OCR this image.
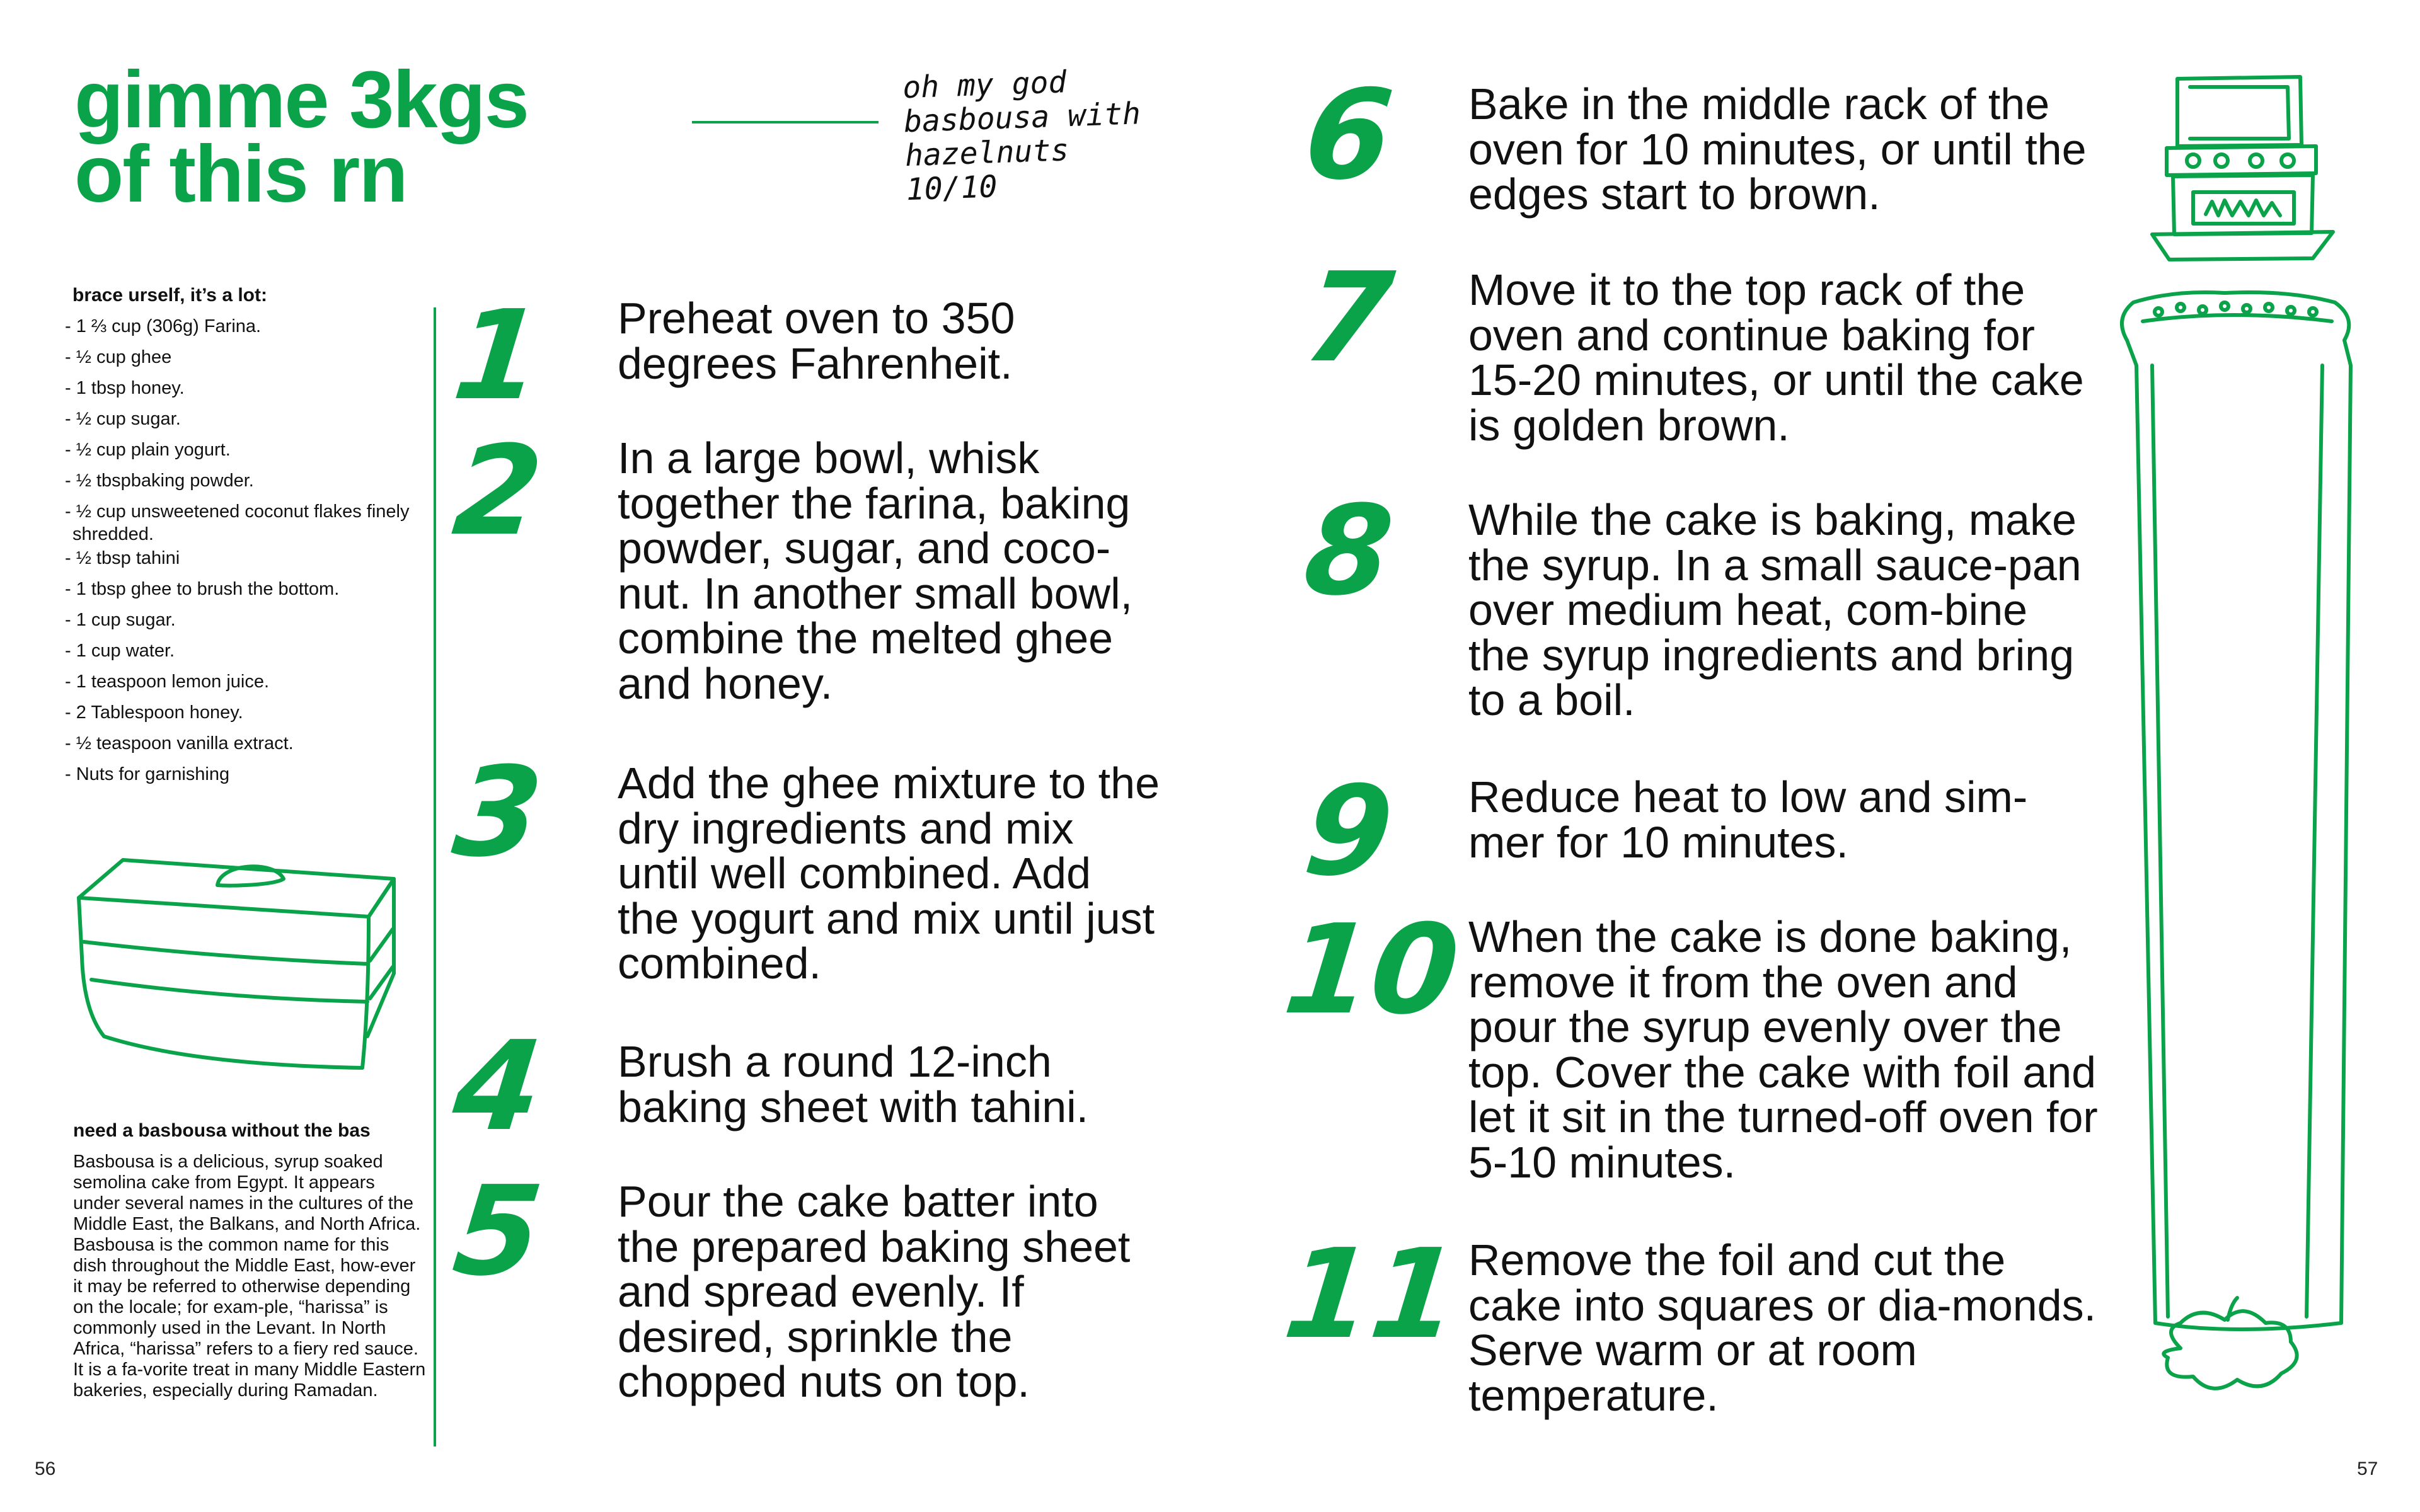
gimme 3kgs
of this rn
oh my god
basbousa with
hazelnuts 10/10
brace urself, it’s a lot:
- 1 ⅔ cup (306g) Farina.
- ½ cup ghee
- 1 tbsp honey.
- ½ cup sugar.
- ½ cup plain yogurt.
- ½ tbspbaking powder.
- ½ cup unsweetened coconut flakes finely shredded.
- ½ tbsp tahini
- 1 tbsp ghee to brush the bottom.
- 1 cup sugar.
- 1 cup water.
- 1 teaspoon lemon juice.
- 2 Tablespoon honey.
- ½ teaspoon vanilla extract.
- Nuts for garnishing
need a basbousa without the bas
Basbousa is a delicious, syrup soaked semolina cake from Egypt. It appears under several names in the cultures of the Middle East, the Balkans, and North Africa. Basbousa is the common name for this dish throughout the Middle East, how-ever it may be referred to otherwise depending on the locale; for exam-ple, “harissa” is commonly used in the Levant. In North Africa, “harissa” refers to a fiery red sauce. It is a fa-vorite treat in many Middle Eastern bakeries, especially during Ramadan.
1 Preheat oven to 350 degrees Fahrenheit.
2 In a large bowl, whisk together the farina, baking powder, sugar, and coco-nut. In another small bowl, combine the melted ghee and honey.
3 Add the ghee mixture to the dry ingredients and mix until well combined. Add the yogurt and mix until just combined.
4 Brush a round 12-inch baking sheet with tahini.
5 Pour the cake batter into the prepared baking sheet and spread evenly. If desired, sprinkle the chopped nuts on top.
6 Bake in the middle rack of the oven for 10 minutes, or until the edges start to brown.
7 Move it to the top rack of the oven and continue baking for 15-20 minutes, or until the cake is golden brown.
8 While the cake is baking, make the syrup. In a small sauce-pan over medium heat, com-bine the syrup ingredients and bring to a boil.
9 Reduce heat to low and sim-mer for 10 minutes.
10 When the cake is done baking, remove it from the oven and pour the syrup evenly over the top. Cover the cake with foil and let it sit in the turned-off oven for 5-10 minutes.
11 Remove the foil and cut the cake into squares or dia-monds. Serve warm or at room temperature.
56	57
